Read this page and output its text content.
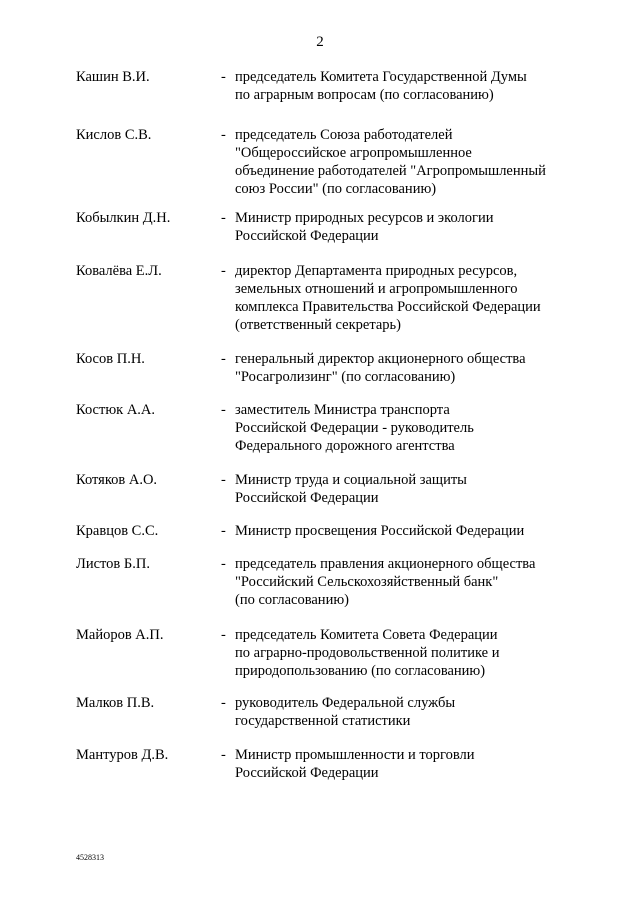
2
Кашин В.И.	- председатель Комитета Государственной Думы
по аграрным вопросам (по согласованию)
Кислов С.В.	- председатель Союза работодателей
"Общероссийское агропромышленное
объединение работодателей "Агропромышленный
союз России" (по согласованию)
Кобылкин Д.Н.	- Министр природных ресурсов и экологии
Российской Федерации
Ковалёва Е.Л.	- директор Департамента природных ресурсов,
земельных отношений и агропромышленного
комплекса Правительства Российской Федерации
(ответственный секретарь)
Косов П.Н.	- генеральный директор акционерного общества
"Росагролизинг" (по согласованию)
Костюк А.А.	- заместитель Министра транспорта
Российской Федерации - руководитель
Федерального дорожного агентства
Котяков А.О.	- Министр труда и социальной защиты
Российской Федерации
Кравцов С.С.	- Министр просвещения Российской Федерации
Листов Б.П.	- председатель правления акционерного общества
"Российский Сельскохозяйственный банк"
(по согласованию)
Майоров А.П.	- председатель Комитета Совета Федерации
по аграрно-продовольственной политике и
природопользованию (по согласованию)
Малков П.В.	- руководитель Федеральной службы
государственной статистики
Мантуров Д.В.	- Министр промышленности и торговли
Российской Федерации
4528313
